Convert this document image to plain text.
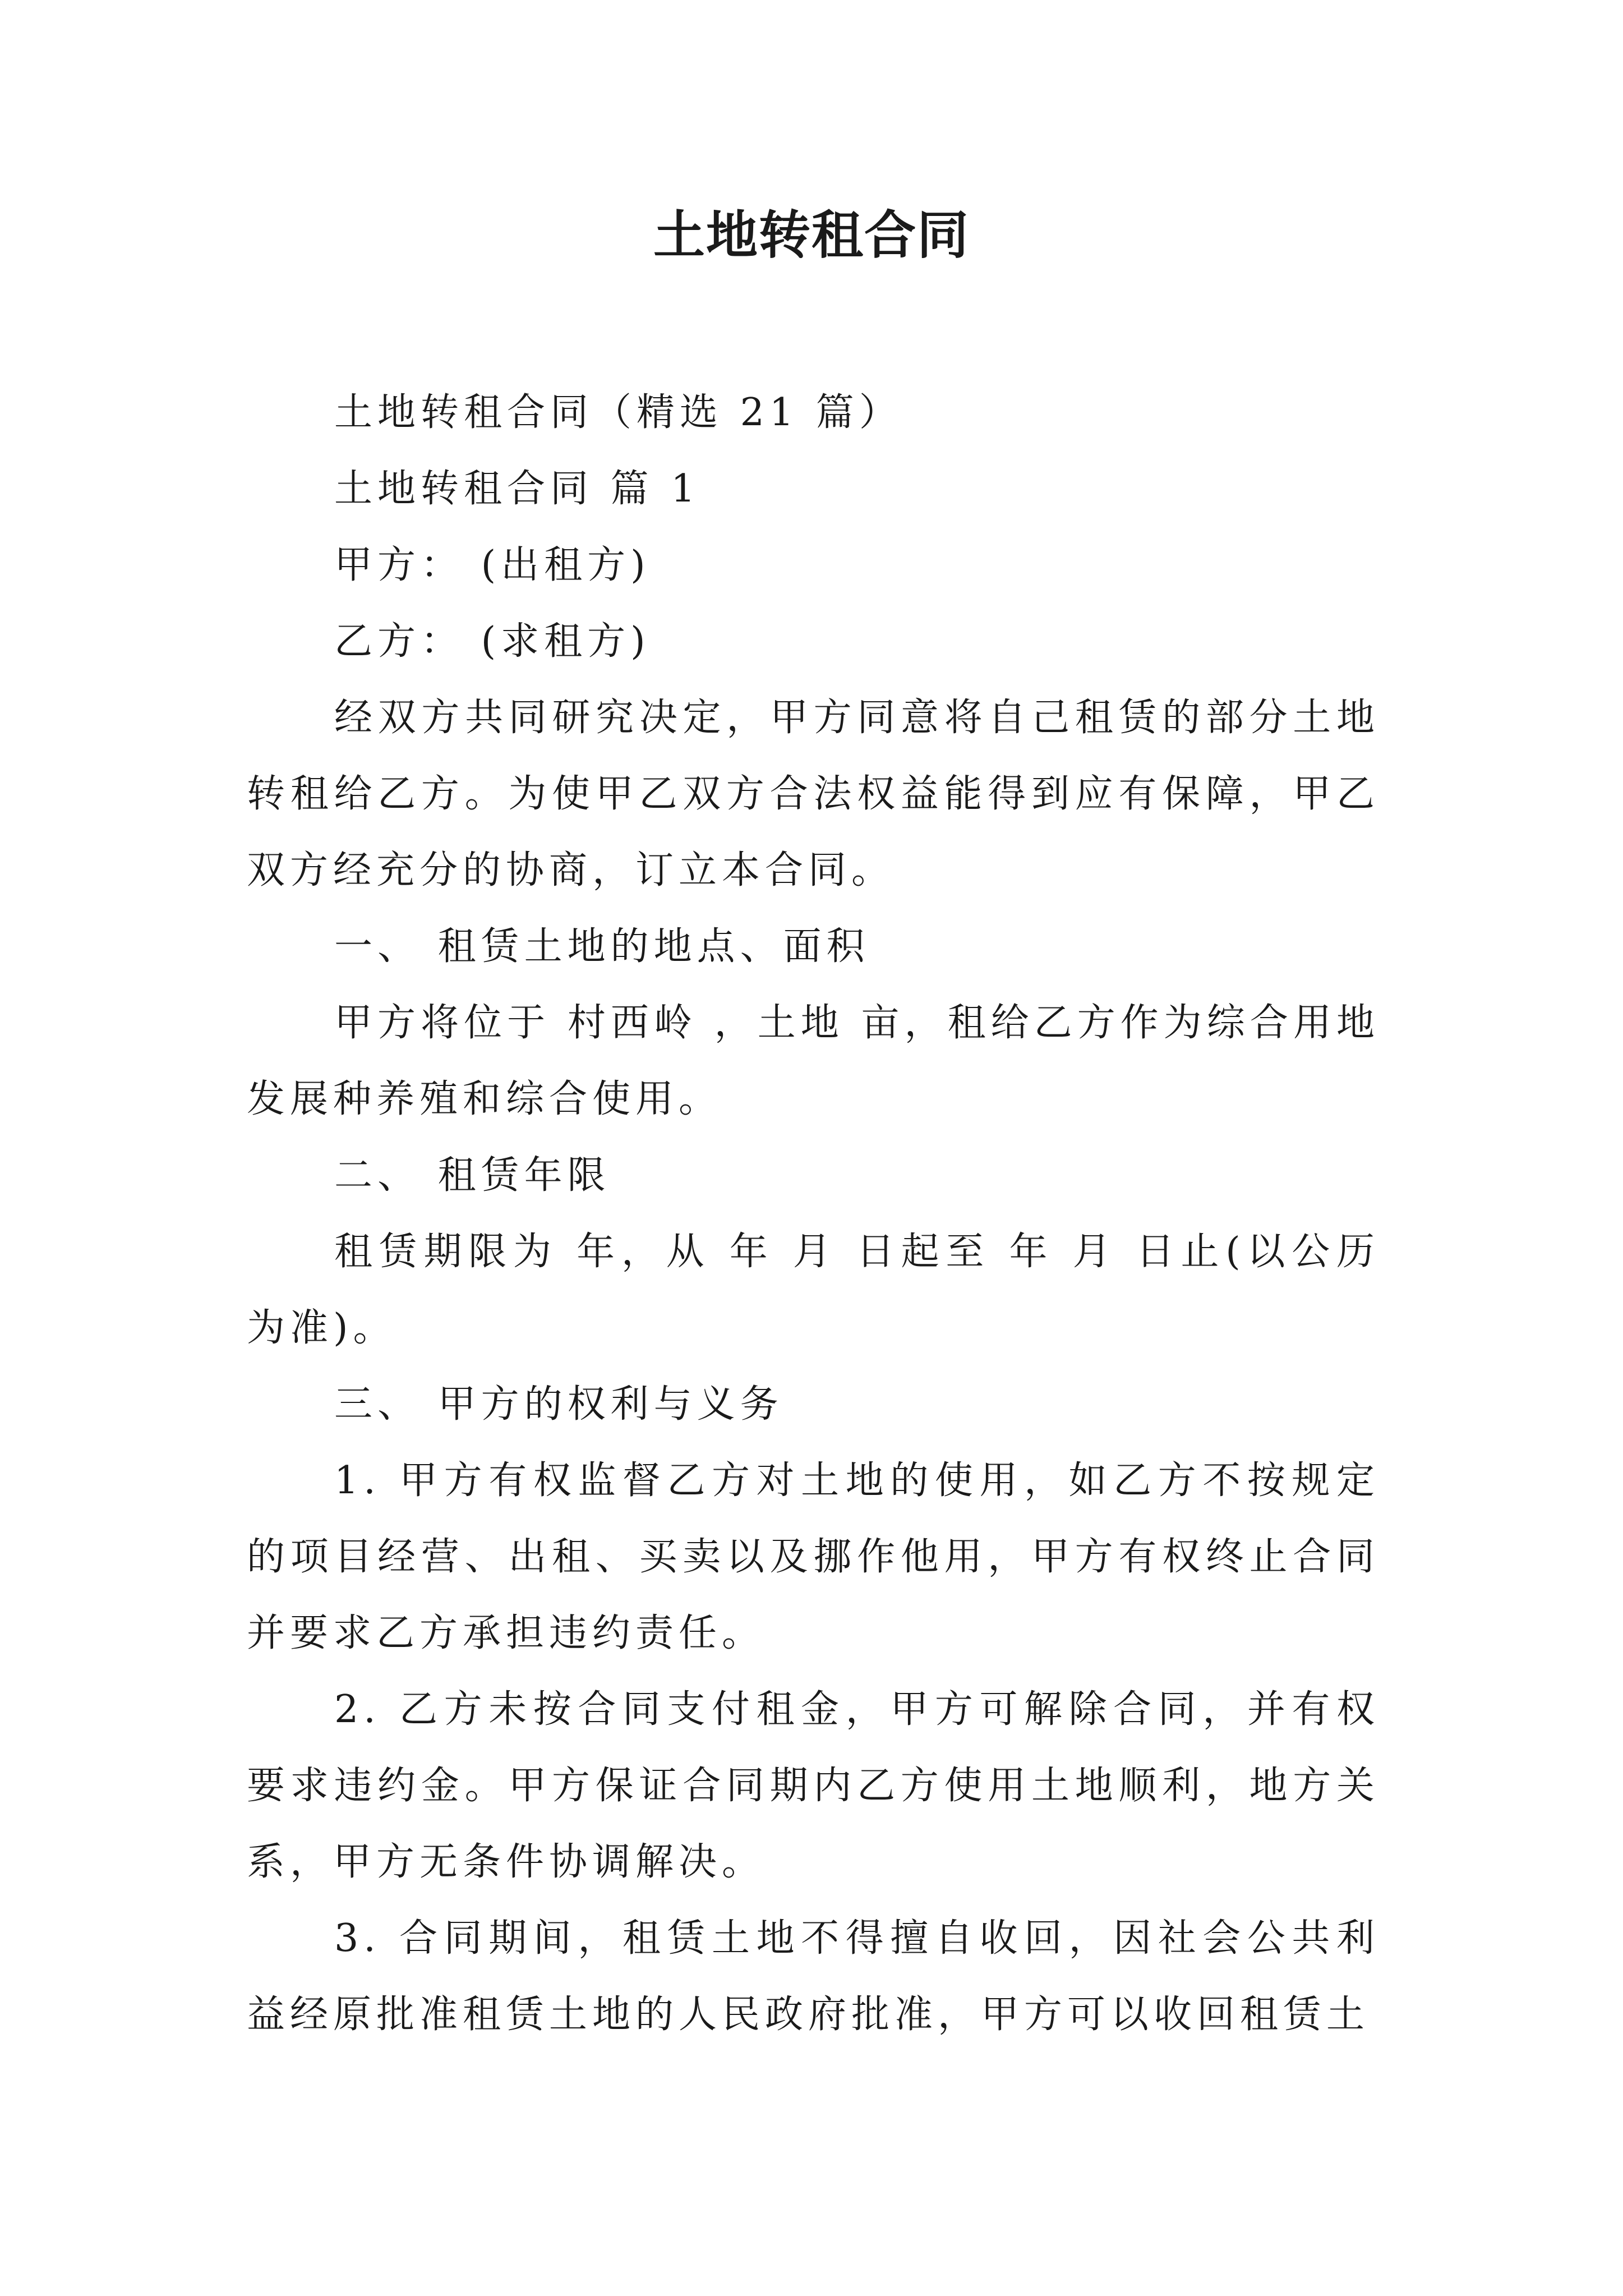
土地转租合同

土地转租合同（精选 21 篇）

土地转租合同 篇 1

甲方： (出租方)

乙方： (求租方)

经双方共同研究决定，甲方同意将自己租赁的部分土地转租给乙方。为使甲乙双方合法权益能得到应有保障，甲乙双方经充分的协商，订立本合同。

一、 租赁土地的地点、面积

甲方将位于 村西岭 ，土地 亩，租给乙方作为综合用地发展种养殖和综合使用。

二、 租赁年限

租赁期限为 年，从 年 月 日起至 年 月 日止(以公历为准)。

三、 甲方的权利与义务

1. 甲方有权监督乙方对土地的使用，如乙方不按规定的项目经营、出租、买卖以及挪作他用，甲方有权终止合同并要求乙方承担违约责任。

2. 乙方未按合同支付租金，甲方可解除合同，并有权要求违约金。甲方保证合同期内乙方使用土地顺利，地方关系，甲方无条件协调解决。

3. 合同期间，租赁土地不得擅自收回，因社会公共利益经原批准租赁土地的人民政府批准，甲方可以收回租赁土
